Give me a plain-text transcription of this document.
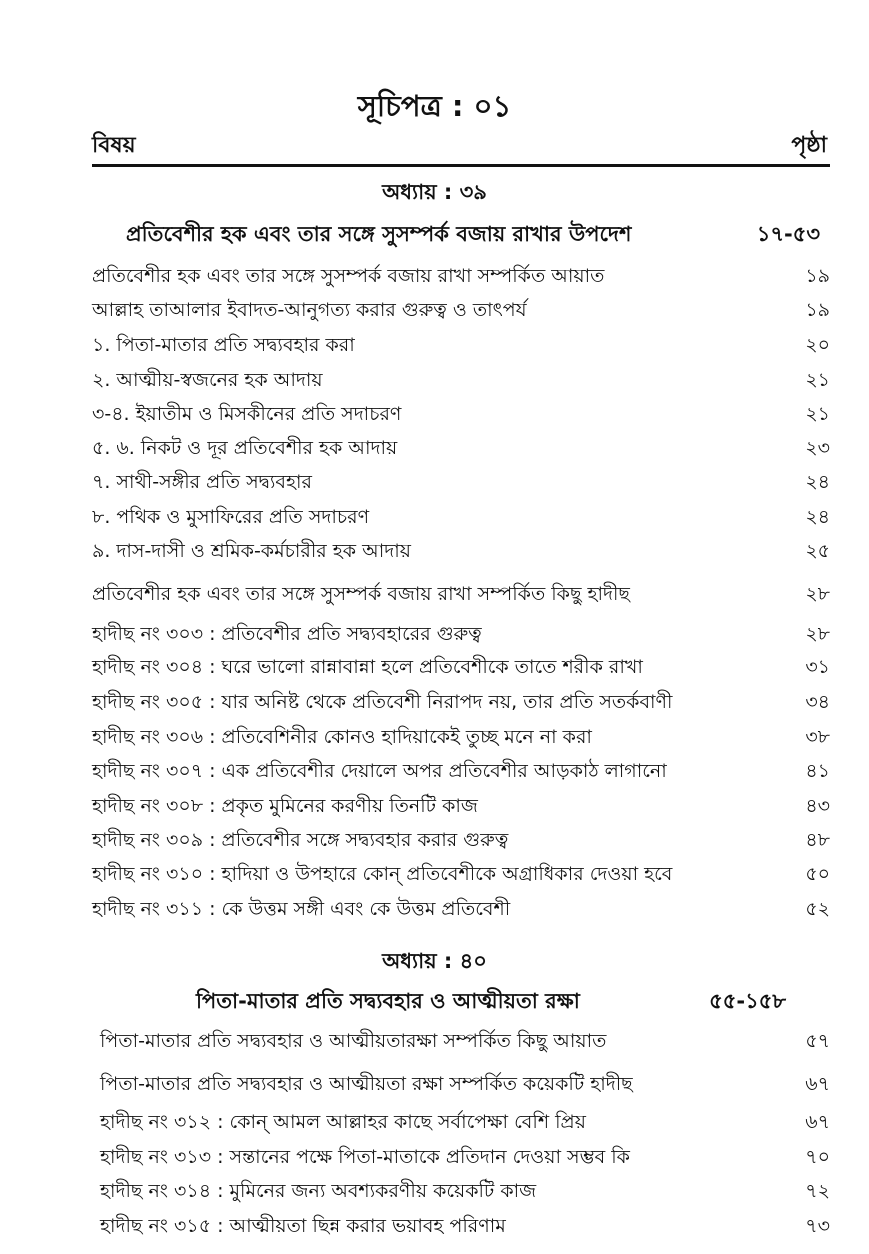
সূচিপত্র : ০১
বিষয়	পৃষ্ঠা
অধ্যায় : ৩৯
প্রতিবেশীর হক এবং তার সঙ্গে সুসম্পর্ক বজায় রাখার উপদেশ	১৭-৫৩
প্রতিবেশীর হক এবং তার সঙ্গে সুসম্পর্ক বজায় রাখা সম্পর্কিত আয়াত	১৯
আল্লাহ তাআলার ইবাদত-আনুগত্য করার গুরুত্ব ও তাৎপর্য	১৯
১. পিতা-মাতার প্রতি সদ্ব্যবহার করা	২০
২. আত্মীয়-স্বজনের হক আদায়	২১
৩-৪. ইয়াতীম ও মিসকীনের প্রতি সদাচরণ	২১
৫. ৬. নিকট ও দূর প্রতিবেশীর হক আদায়	২৩
৭. সাথী-সঙ্গীর প্রতি সদ্ব্যবহার	২৪
৮. পথিক ও মুসাফিরের প্রতি সদাচরণ	২৪
৯. দাস-দাসী ও শ্রমিক-কর্মচারীর হক আদায়	২৫
প্রতিবেশীর হক এবং তার সঙ্গে সুসম্পর্ক বজায় রাখা সম্পর্কিত কিছু হাদীছ	২৮
হাদীছ নং ৩০৩ : প্রতিবেশীর প্রতি সদ্ব্যবহারের গুরুত্ব	২৮
হাদীছ নং ৩০৪ : ঘরে ভালো রান্নাবান্না হলে প্রতিবেশীকে তাতে শরীক রাখা	৩১
হাদীছ নং ৩০৫ : যার অনিষ্ট থেকে প্রতিবেশী নিরাপদ নয়, তার প্রতি সতর্কবাণী	৩৪
হাদীছ নং ৩০৬ : প্রতিবেশিনীর কোনও হাদিয়াকেই তুচ্ছ মনে না করা	৩৮
হাদীছ নং ৩০৭ : এক প্রতিবেশীর দেয়ালে অপর প্রতিবেশীর আড়কাঠ লাগানো	৪১
হাদীছ নং ৩০৮ : প্রকৃত মুমিনের করণীয় তিনটি কাজ	৪৩
হাদীছ নং ৩০৯ : প্রতিবেশীর সঙ্গে সদ্ব্যবহার করার গুরুত্ব	৪৮
হাদীছ নং ৩১০ : হাদিয়া ও উপহারে কোন্ প্রতিবেশীকে অগ্রাধিকার দেওয়া হবে	৫০
হাদীছ নং ৩১১ : কে উত্তম সঙ্গী এবং কে উত্তম প্রতিবেশী	৫২
অধ্যায় : ৪০
পিতা-মাতার প্রতি সদ্ব্যবহার ও আত্মীয়তা রক্ষা	৫৫-১৫৮
পিতা-মাতার প্রতি সদ্ব্যবহার ও আত্মীয়তারক্ষা সম্পর্কিত কিছু আয়াত	৫৭
পিতা-মাতার প্রতি সদ্ব্যবহার ও আত্মীয়তা রক্ষা সম্পর্কিত কয়েকটি হাদীছ	৬৭
হাদীছ নং ৩১২ : কোন্ আমল আল্লাহর কাছে সর্বাপেক্ষা বেশি প্রিয়	৬৭
হাদীছ নং ৩১৩ : সন্তানের পক্ষে পিতা-মাতাকে প্রতিদান দেওয়া সম্ভব কি	৭০
হাদীছ নং ৩১৪ : মুমিনের জন্য অবশ্যকরণীয় কয়েকটি কাজ	৭২
হাদীছ নং ৩১৫ : আত্মীয়তা ছিন্ন করার ভয়াবহ পরিণাম	৭৩
